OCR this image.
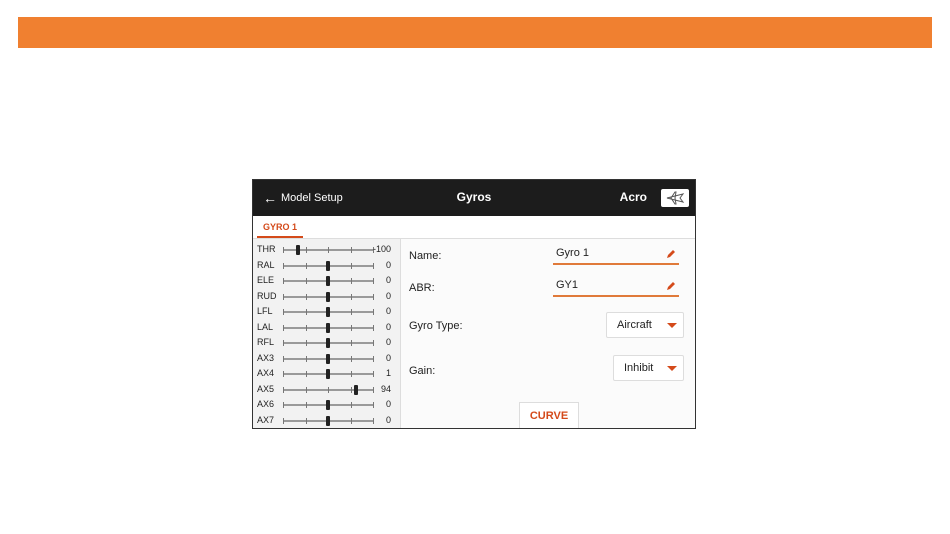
← Model Setup	Gyros	Acro
GYRO 1
THR	-100
RAL	0
ELE	0
RUD	0
LFL	0
LAL	0
RFL	0
AX3	0
AX4	1
AX5	94
AX6	0
AX7	0
Name:	Gyro 1
ABR:	GY1
Gyro Type:	Aircraft
Gain:	Inhibit
CURVE
